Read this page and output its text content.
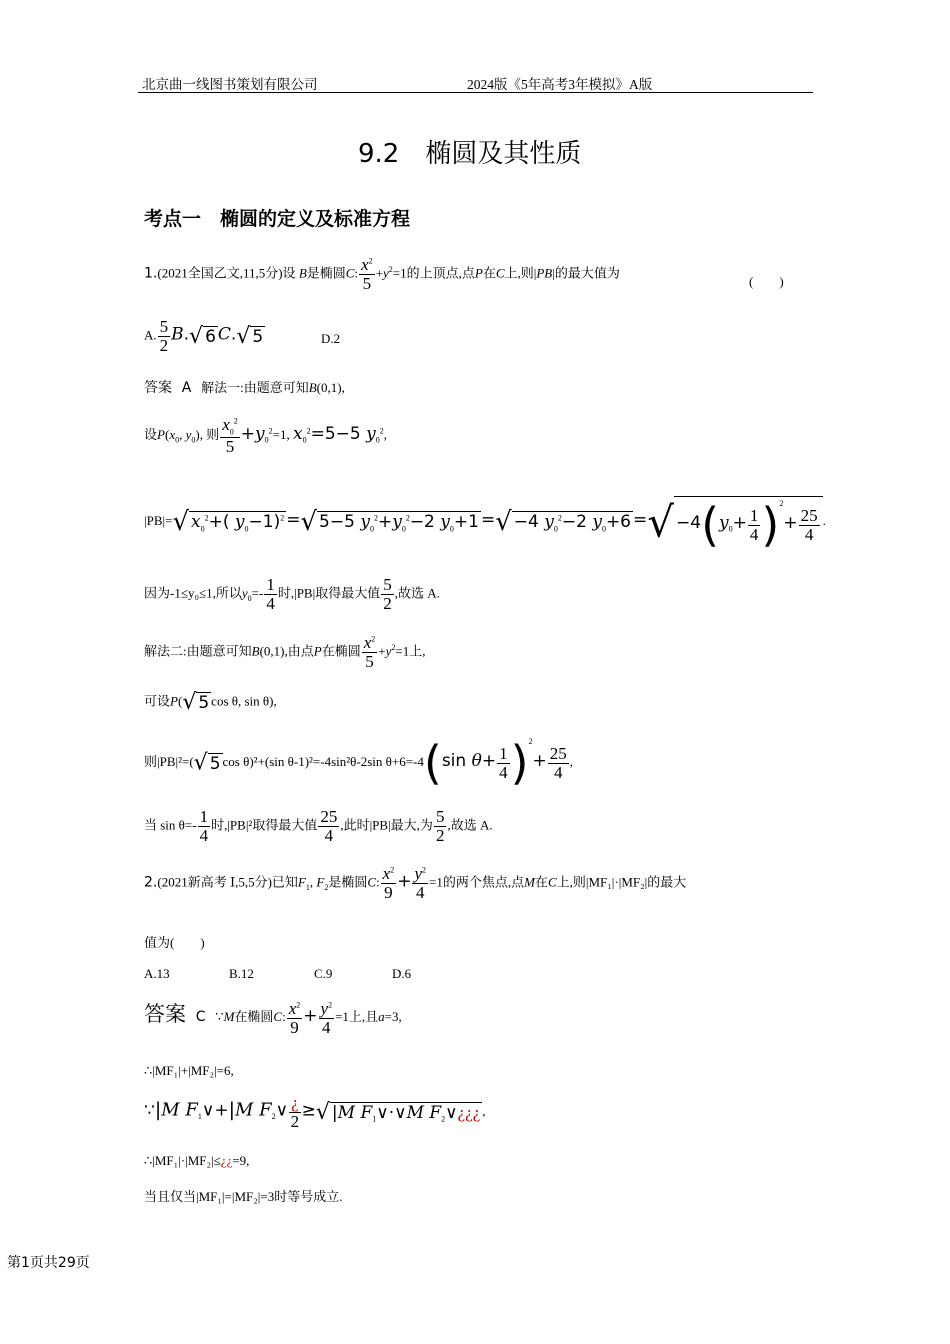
北京曲一线图书策划有限公司	2024版《5年高考3年模拟》A版
9.2　椭圆及其性质
考点一　椭圆的定义及标准方程
1.(2021全国乙文,11,5分)设 B是椭圆C: $\frac{x^2}{5} +y^2=1$的上顶点,点P在C上,则|PB|的最大值为
(　　)
A. $\frac{5}{2} B.√$ 6 C.√ 5	D.2
答案 A 解法一:由题意可知B(0,1),
设$P(x_0$, $y_0$), 则 $\frac{x_0^2}{5} +y_0^2=1$, $x_0^2=5-5$ $y_0^2$,
|PB|=√ $x_0^2+$( $y_0-1)^2$ =√ 5−5 $y_0^2+y_0^2-2$ $y_0+1$ =√ −4 $y_0^2-2$ $y_0+6$ =√ $-4(y_0+ \frac{1}{4} )^2+ \frac{25}{4}$ .
因为-1≤y₀≤1,所以$y_0=- \frac{1}{4}$ 时,|PB|取得最大值 $\frac{5}{2}$ ,故选 A.
解法二:由题意可知B(0,1),由点P在椭圆 $\frac{x^2}{5} +y^2=1$上,
可设P(√ 5 cos θ, sin θ),
则|PB|²=(√ 5 cos θ)²+(sin θ-1)²=-4sin²θ-2sin θ+6=-4(sin $\theta+ \frac{1}{4} )^2+ \frac{25}{4}$ ,
当 $\sin \theta=- \frac{1}{4}$ 时,|PB|²取得最大值 $\frac{25}{4}$ ,此时|PB|最大,为 $\frac{5}{2}$ ,故选 A.
2.(2021新高考 Ⅰ,5,5分)已知$F_1$, $F_2$是椭圆C: $\frac{x^2}{9} + \frac{y^2}{4} =1$的两个焦点,点M在C上,则|MF₁|·|MF₂|的最大
值为(　　)
A.13	B.12	C.9	D.6
答案 C ∵M在椭圆C: $\frac{x^2}{9} + \frac{y^2}{4} =1$上,且a=3,
∴|MF₁|+|MF₂|=6,
∵|M $F_1\vee+|M$ $F_2\vee \frac{¿}{2}$ ≥√ |M $F_1\vee\cdot\vee M$ $F_2\vee¿¿¿$ ,
∴|MF₁|·|MF₂|≤¿¿=9,
当且仅当|MF₁|=|MF₂|=3时等号成立.
第1页共29页
